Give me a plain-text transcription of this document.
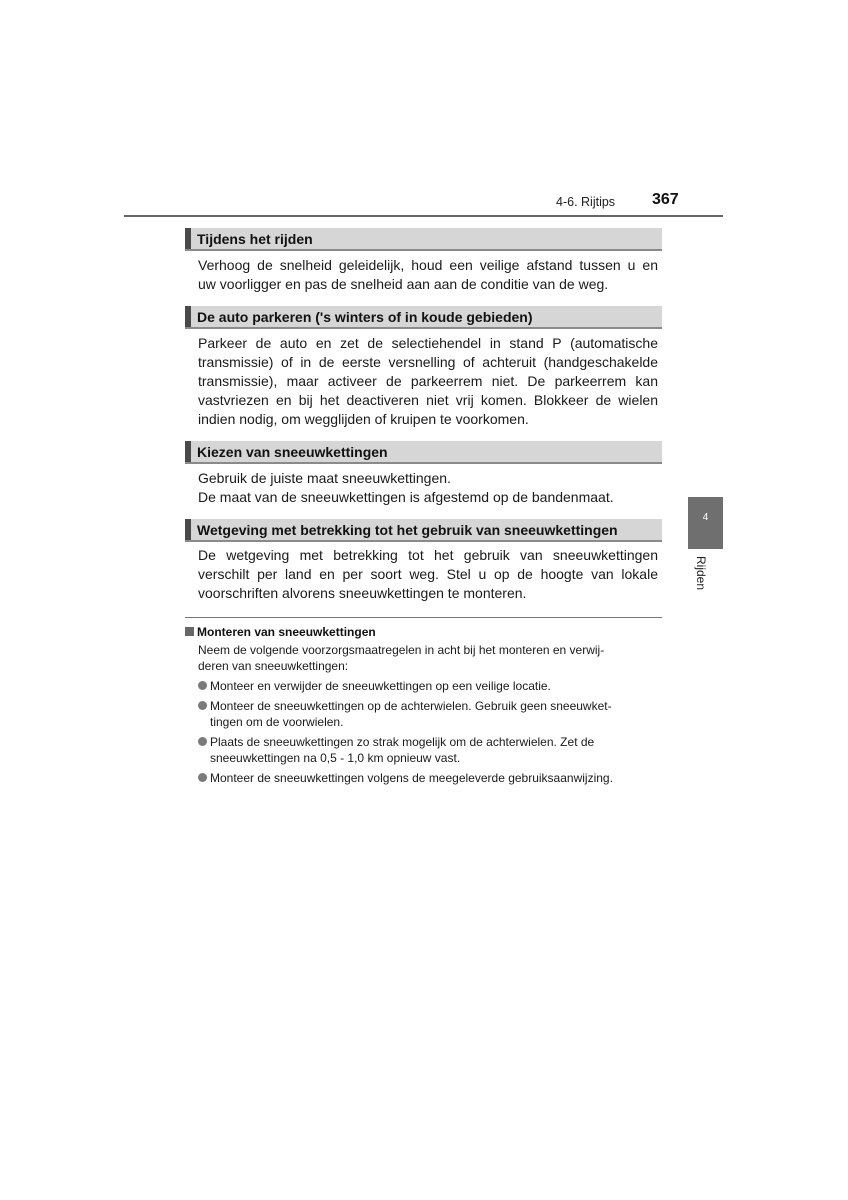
4-6. Rijtips 367
Tijdens het rijden
Verhoog de snelheid geleidelijk, houd een veilige afstand tussen u en
uw voorligger en pas de snelheid aan aan de conditie van de weg.
De auto parkeren ('s winters of in koude gebieden)
Parkeer de auto en zet de selectiehendel in stand P (automatische
transmissie) of in de eerste versnelling of achteruit (handgeschakelde
transmissie), maar activeer de parkeerrem niet. De parkeerrem kan
vastvriezen en bij het deactiveren niet vrij komen. Blokkeer de wielen
indien nodig, om wegglijden of kruipen te voorkomen.
Kiezen van sneeuwkettingen
Gebruik de juiste maat sneeuwkettingen.
De maat van de sneeuwkettingen is afgestemd op de bandenmaat.
Wetgeving met betrekking tot het gebruik van sneeuwkettingen
De wetgeving met betrekking tot het gebruik van sneeuwkettingen
verschilt per land en per soort weg. Stel u op de hoogte van lokale
voorschriften alvorens sneeuwkettingen te monteren.
4
Rijden
Monteren van sneeuwkettingen
Neem de volgende voorzorgsmaatregelen in acht bij het monteren en verwij-
deren van sneeuwkettingen:
Monteer en verwijder de sneeuwkettingen op een veilige locatie.
Monteer de sneeuwkettingen op de achterwielen. Gebruik geen sneeuwket-
tingen om de voorwielen.
Plaats de sneeuwkettingen zo strak mogelijk om de achterwielen. Zet de
sneeuwkettingen na 0,5 - 1,0 km opnieuw vast.
Monteer de sneeuwkettingen volgens de meegeleverde gebruiksaanwijzing.
